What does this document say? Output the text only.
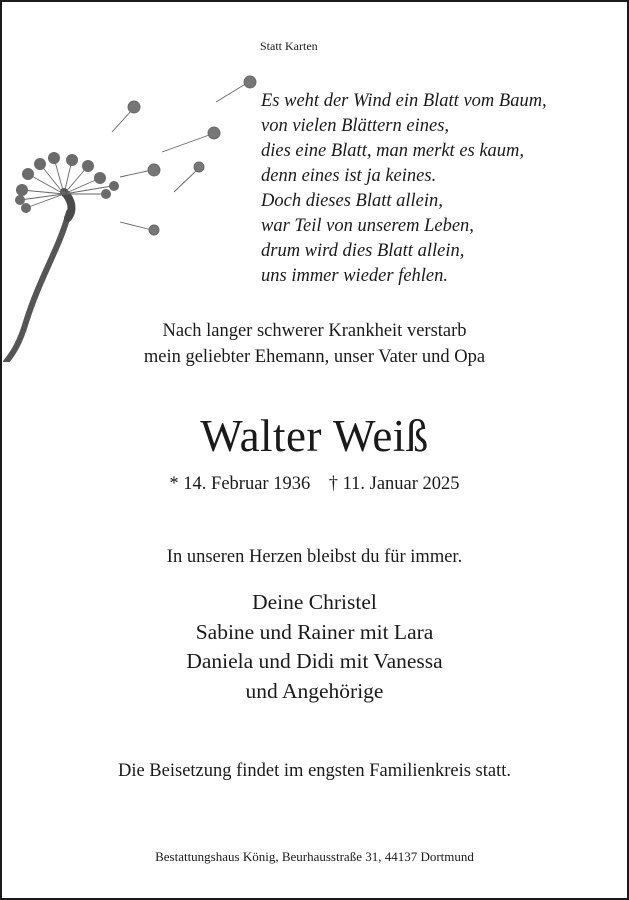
Statt Karten

Es weht der Wind ein Blatt vom Baum,
von vielen Blättern eines,
dies eine Blatt, man merkt es kaum,
denn eines ist ja keines.
Doch dieses Blatt allein,
war Teil von unserem Leben,
drum wird dies Blatt allein,
uns immer wieder fehlen.
Nach langer schwerer Krankheit verstarb
mein geliebter Ehemann, unser Vater und Opa
Walter Weiß
* 14. Februar 1936    † 11. Januar 2025
In unseren Herzen bleibst du für immer.
Deine Christel
Sabine und Rainer mit Lara
Daniela und Didi mit Vanessa
und Angehörige
Die Beisetzung findet im engsten Familienkreis statt.
Bestattungshaus König, Beurhausstraße 31, 44137 Dortmund
